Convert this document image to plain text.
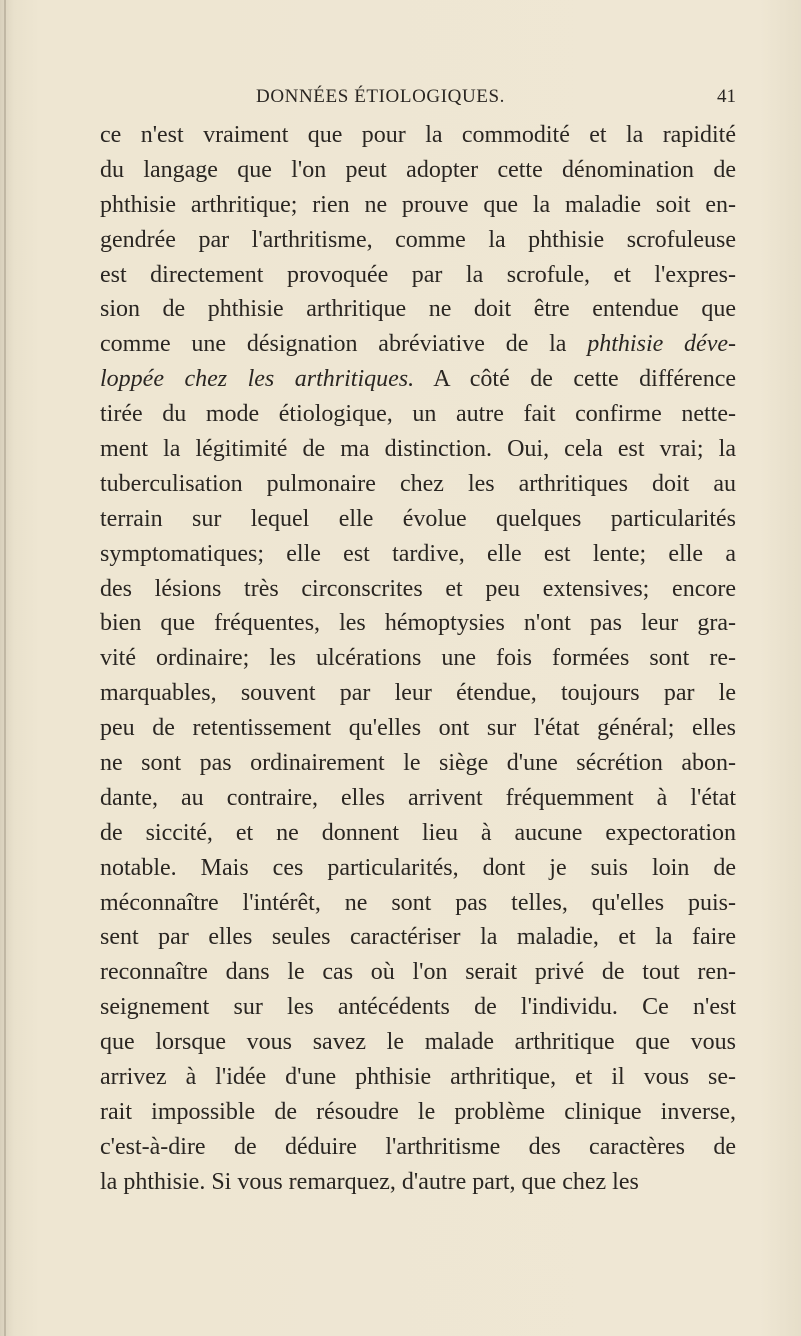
DONNÉES ÉTIOLOGIQUES.	41
ce n'est vraiment que pour la commodité et la rapidité
du langage que l'on peut adopter cette dénomination de
phthisie arthritique; rien ne prouve que la maladie soit en-
gendrée par l'arthritisme, comme la phthisie scrofuleuse
est directement provoquée par la scrofule, et l'expres-
sion de phthisie arthritique ne doit être entendue que
comme une désignation abréviative de la phthisie déve-
loppée chez les arthritiques. A côté de cette différence
tirée du mode étiologique, un autre fait confirme nette-
ment la légitimité de ma distinction. Oui, cela est vrai; la
tuberculisation pulmonaire chez les arthritiques doit au
terrain sur lequel elle évolue quelques particularités
symptomatiques; elle est tardive, elle est lente; elle a
des lésions très circonscrites et peu extensives; encore
bien que fréquentes, les hémoptysies n'ont pas leur gra-
vité ordinaire; les ulcérations une fois formées sont re-
marquables, souvent par leur étendue, toujours par le
peu de retentissement qu'elles ont sur l'état général; elles
ne sont pas ordinairement le siège d'une sécrétion abon-
dante, au contraire, elles arrivent fréquemment à l'état
de siccité, et ne donnent lieu à aucune expectoration
notable. Mais ces particularités, dont je suis loin de
méconnaître l'intérêt, ne sont pas telles, qu'elles puis-
sent par elles seules caractériser la maladie, et la faire
reconnaître dans le cas où l'on serait privé de tout ren-
seignement sur les antécédents de l'individu. Ce n'est
que lorsque vous savez le malade arthritique que vous
arrivez à l'idée d'une phthisie arthritique, et il vous se-
rait impossible de résoudre le problème clinique inverse,
c'est-à-dire de déduire l'arthritisme des caractères de
la phthisie. Si vous remarquez, d'autre part, que chez les
